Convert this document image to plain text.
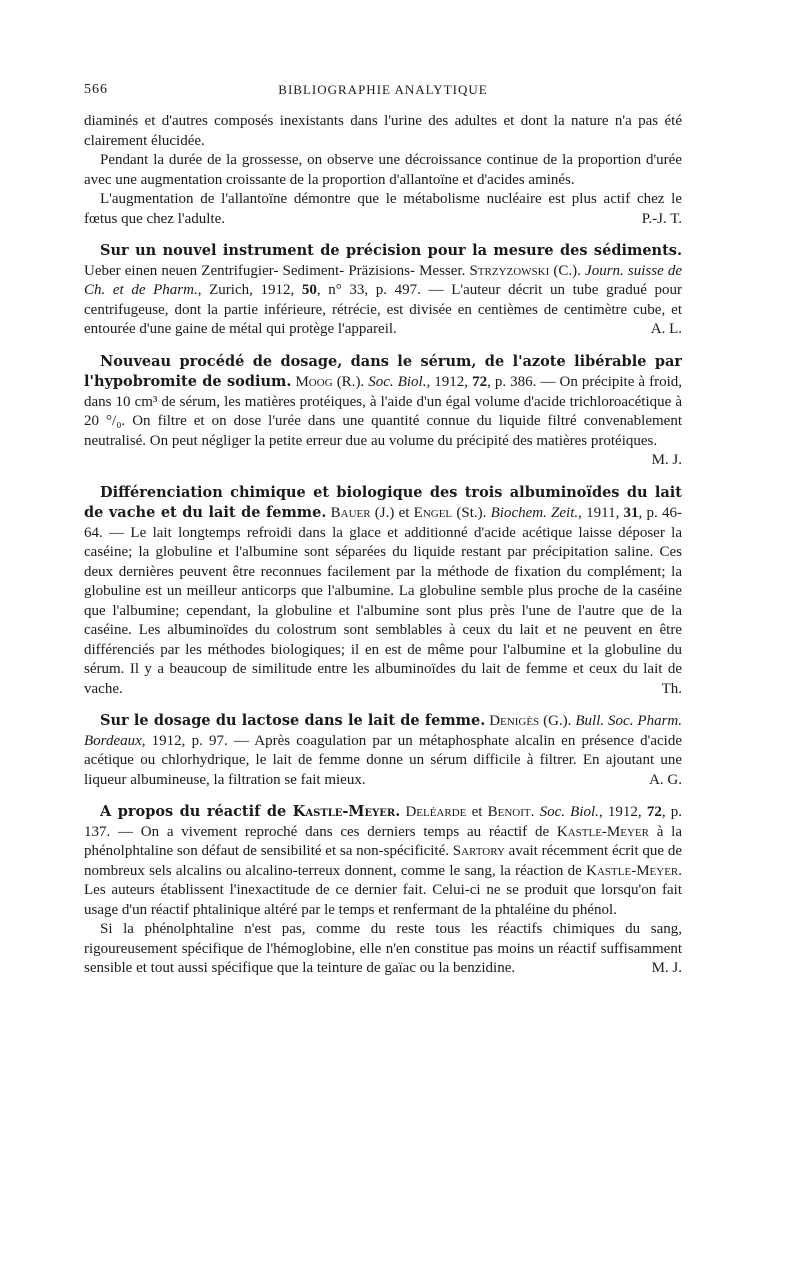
566	BIBLIOGRAPHIE ANALYTIQUE

diaminés et d'autres composés inexistants dans l'urine des adultes et dont la nature n'a pas été clairement élucidée.

Pendant la durée de la grossesse, on observe une décroissance continue de la proportion d'urée avec une augmentation croissante de la proportion d'allantoïne et d'acides aminés.

L'augmentation de l'allantoïne démontre que le métabolisme nucléaire est plus actif chez le fœtus que chez l'adulte.	P.-J. T.

Sur un nouvel instrument de précision pour la mesure des sédiments. Ueber einen neuen Zentrifugier- Sediment- Präzisions- Messer. Strzyzowski (C.). Journ. suisse de Ch. et de Pharm., Zurich, 1912, 50, n° 33, p. 497. — L'auteur décrit un tube gradué pour centrifugeuse, dont la partie inférieure, rétrécie, est divisée en centièmes de centimètre cube, et entourée d'une gaine de métal qui protège l'appareil.	A. L.

Nouveau procédé de dosage, dans le sérum, de l'azote libérable par l'hypobromite de sodium. Moog (R.). Soc. Biol., 1912, 72, p. 386. — On précipite à froid, dans 10 cm³ de sérum, les matières protéiques, à l'aide d'un égal volume d'acide trichloroacétique à 20 °/₀. On filtre et on dose l'urée dans une quantité connue du liquide filtré convenablement neutralisé. On peut négliger la petite erreur due au volume du précipité des matières protéiques.
M. J.

Différenciation chimique et biologique des trois albuminoïdes du lait de vache et du lait de femme. Bauer (J.) et Engel (St.). Biochem. Zeit., 1911, 31, p. 46-64. — Le lait longtemps refroidi dans la glace et additionné d'acide acétique laisse déposer la caséine; la globuline et l'albumine sont séparées du liquide restant par précipitation saline. Ces deux dernières peuvent être reconnues facilement par la méthode de fixation du complément; la globuline est un meilleur anticorps que l'albumine. La globuline semble plus proche de la caséine que l'albumine; cependant, la globuline et l'albumine sont plus près l'une de l'autre que de la caséine. Les albuminoïdes du colostrum sont semblables à ceux du lait et ne peuvent en être différenciés par les méthodes biologiques; il en est de même pour l'albumine et la globuline du sérum. Il y a beaucoup de similitude entre les albuminoïdes du lait de femme et ceux du lait de vache.	Th.

Sur le dosage du lactose dans le lait de femme. Denigès (G.). Bull. Soc. Pharm. Bordeaux, 1912, p. 97. — Après coagulation par un métaphosphate alcalin en présence d'acide acétique ou chlorhydrique, le lait de femme donne un sérum difficile à filtrer. En ajoutant une liqueur albumineuse, la filtration se fait mieux.	A. G.

A propos du réactif de Kastle-Meyer. Deléarde et Benoit. Soc. Biol., 1912, 72, p. 137. — On a vivement reproché dans ces derniers temps au réactif de Kastle-Meyer à la phénolphtaline son défaut de sensibilité et sa non-spécificité. Sartory avait récemment écrit que de nombreux sels alcalins ou alcalino-terreux donnent, comme le sang, la réaction de Kastle-Meyer. Les auteurs établissent l'inexactitude de ce dernier fait. Celui-ci ne se produit que lorsqu'on fait usage d'un réactif phtalinique altéré par le temps et renfermant de la phtaléine du phénol.

Si la phénolphtaline n'est pas, comme du reste tous les réactifs chimiques du sang, rigoureusement spécifique de l'hémoglobine, elle n'en constitue pas moins un réactif suffisamment sensible et tout aussi spécifique que la teinture de gaïac ou la benzidine.	M. J.
